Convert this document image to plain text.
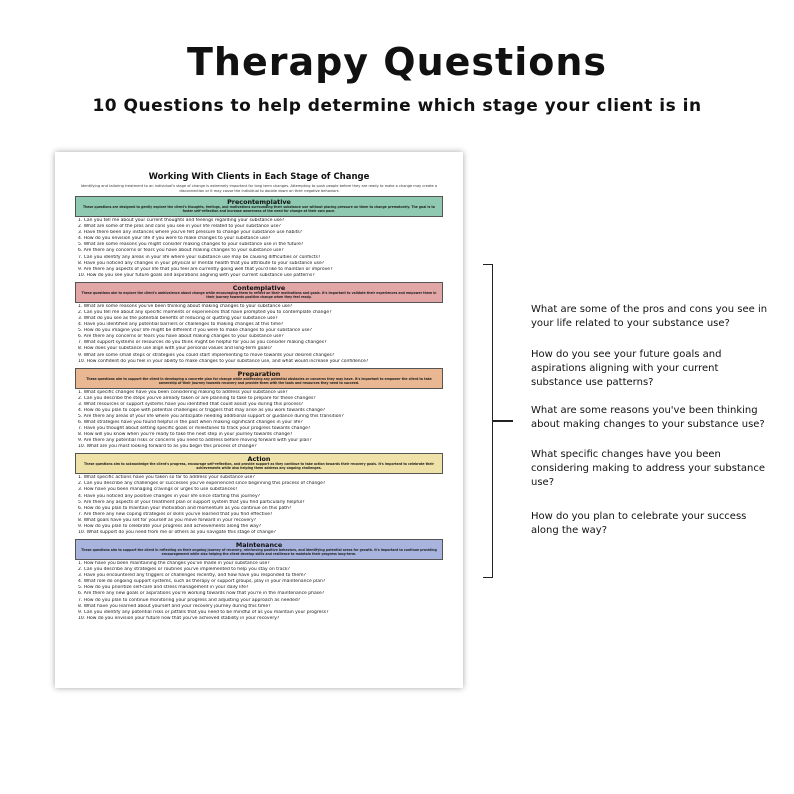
Therapy Questions
10 Questions to help determine which stage your client is in
Working With Clients in Each Stage of Change
Identifying and tailoring treatment to an individual's stage of change is extremely important for long term changes. Attempting to push people before they are ready to make a change may create a disconnection or it may cause the individual to double down on their negative behaviors
Precontemplative
These questions are designed to gently explore the client's thoughts, feelings, and motivations surrounding their substance use without placing pressure on them to change prematurely. The goal is to foster self-reflection and increase awareness of the need for change at their own pace.
1. Can you tell me about your current thoughts and feelings regarding your substance use?
2. What are some of the pros and cons you see in your life related to your substance use?
3. Have there been any instances where you've felt pressure to change your substance use habits?
4. How do you envision your life if you were to make changes to your substance use?
5. What are some reasons you might consider making changes to your substance use in the future?
6. Are there any concerns or fears you have about making changes to your substance use?
7. Can you identify any areas in your life where your substance use may be causing difficulties or conflicts?
8. Have you noticed any changes in your physical or mental health that you attribute to your substance use?
9. Are there any aspects of your life that you feel are currently going well that you'd like to maintain or improve?
10. How do you see your future goals and aspirations aligning with your current substance use patterns?
Contemplative
These questions aim to explore the client's ambivalence about change while encouraging them to reflect on their motivations and goals. It's important to validate their experiences and empower them in their journey towards positive change when they feel ready.
1. What are some reasons you've been thinking about making changes to your substance use?
2. Can you tell me about any specific moments or experiences that have prompted you to contemplate change?
3. What do you see as the potential benefits of reducing or quitting your substance use?
4. Have you identified any potential barriers or challenges to making changes at this time?
5. How do you imagine your life might be different if you were to make changes to your substance use?
6. Are there any concerns or fears you have about making changes to your substance use?
7. What support systems or resources do you think might be helpful for you as you consider making changes?
8. How does your substance use align with your personal values and long-term goals?
9. What are some small steps or strategies you could start implementing to move towards your desired changes?
10. How confident do you feel in your ability to make changes to your substance use, and what would increase your confidence?
Preparation
These questions aim to support the client in developing a concrete plan for change while addressing any potential obstacles or concerns they may have. It's important to empower the client to take ownership of their journey towards recovery and provide them with the tools and resources they need to succeed.
1. What specific changes have you been considering making to address your substance use?
2. Can you describe the steps you've already taken or are planning to take to prepare for these changes?
3. What resources or support systems have you identified that could assist you during this process?
4. How do you plan to cope with potential challenges or triggers that may arise as you work towards change?
5. Are there any areas of your life where you anticipate needing additional support or guidance during this transition?
6. What strategies have you found helpful in the past when making significant changes in your life?
7. Have you thought about setting specific goals or milestones to track your progress towards change?
8. How will you know when you're ready to take the next step in your journey towards change?
9. Are there any potential risks or concerns you need to address before moving forward with your plan?
10. What are you most looking forward to as you begin this process of change?
Action
These questions aim to acknowledge the client's progress, encourage self-reflection, and provide support as they continue to take action towards their recovery goals. It's important to celebrate their achievements while also helping them address any ongoing challenges.
1. What specific actions have you taken so far to address your substance use?
2. Can you describe any challenges or successes you've experienced since beginning this process of change?
3. How have you been managing cravings or urges to use substances?
4. Have you noticed any positive changes in your life since starting this journey?
5. Are there any aspects of your treatment plan or support system that you find particularly helpful?
6. How do you plan to maintain your motivation and momentum as you continue on this path?
7. Are there any new coping strategies or skills you've learned that you find effective?
8. What goals have you set for yourself as you move forward in your recovery?
9. How do you plan to celebrate your progress and achievements along the way?
10. What support do you need from me or others as you navigate this stage of change?
Maintenance
These questions aim to support the client in reflecting on their ongoing journey of recovery, reinforcing positive behaviors, and identifying potential areas for growth. It's important to continue providing encouragement while also helping the client develop skills and resilience to maintain their progress long-term.
1. How have you been maintaining the changes you've made in your substance use?
2. Can you describe any strategies or routines you've implemented to help you stay on track?
3. Have you encountered any triggers or challenges recently, and how have you responded to them?
4. What role do ongoing support systems, such as therapy or support groups, play in your maintenance plan?
5. How do you prioritize self-care and stress management in your daily life?
6. Are there any new goals or aspirations you're working towards now that you're in the maintenance phase?
7. How do you plan to continue monitoring your progress and adjusting your approach as needed?
8. What have you learned about yourself and your recovery journey during this time?
9. Can you identify any potential risks or pitfalls that you need to be mindful of as you maintain your progress?
10. How do you envision your future now that you've achieved stability in your recovery?
What are some of the pros and cons you see in your life related to your substance use?
How do you see your future goals and aspirations aligning with your current substance use patterns?
What are some reasons you've been thinking about making changes to your substance use?
What specific changes have you been considering making to address your substance use?
How do you plan to celebrate your success along the way?
